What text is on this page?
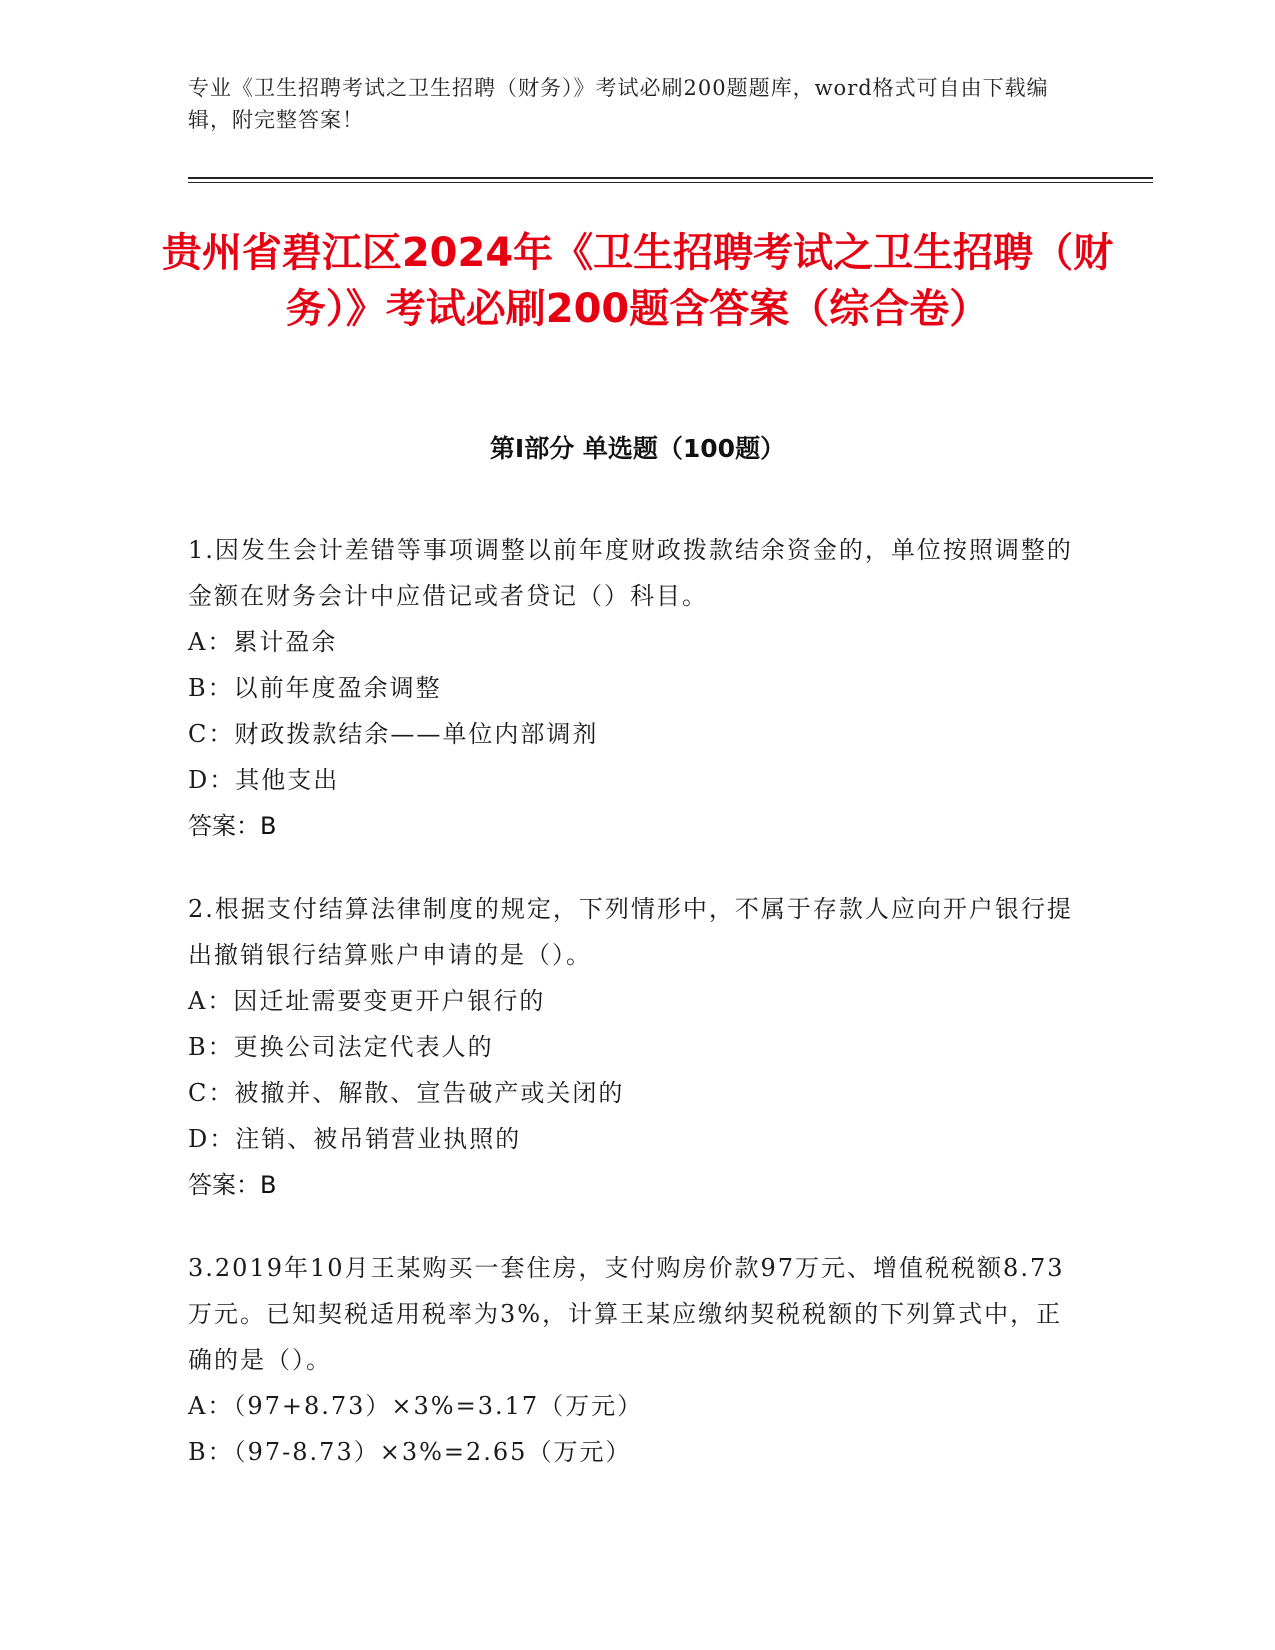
专业《卫生招聘考试之卫生招聘（财务）》考试必刷200题题库，word格式可自由下载编辑，附完整答案！
贵州省碧江区2024年《卫生招聘考试之卫生招聘（财务）》考试必刷200题含答案（综合卷）
第Ⅰ部分 单选题（100题）

1.因发生会计差错等事项调整以前年度财政拨款结余资金的，单位按照调整的金额在财务会计中应借记或者贷记（）科目。

A：累计盈余

B：以前年度盈余调整

C：财政拨款结余——单位内部调剂

D：其他支出

答案：B

2.根据支付结算法律制度的规定，下列情形中，不属于存款人应向开户银行提出撤销银行结算账户申请的是（）。

A：因迁址需要变更开户银行的

B：更换公司法定代表人的

C：被撤并、解散、宣告破产或关闭的

D：注销、被吊销营业执照的

答案：B

3.2019年10月王某购买一套住房，支付购房价款97万元、增值税税额8.73万元。已知契税适用税率为3%，计算王某应缴纳契税税额的下列算式中，正确的是（）。

A：（97+8.73）×3%=3.17（万元）

B：（97-8.73）×3%=2.65（万元）
